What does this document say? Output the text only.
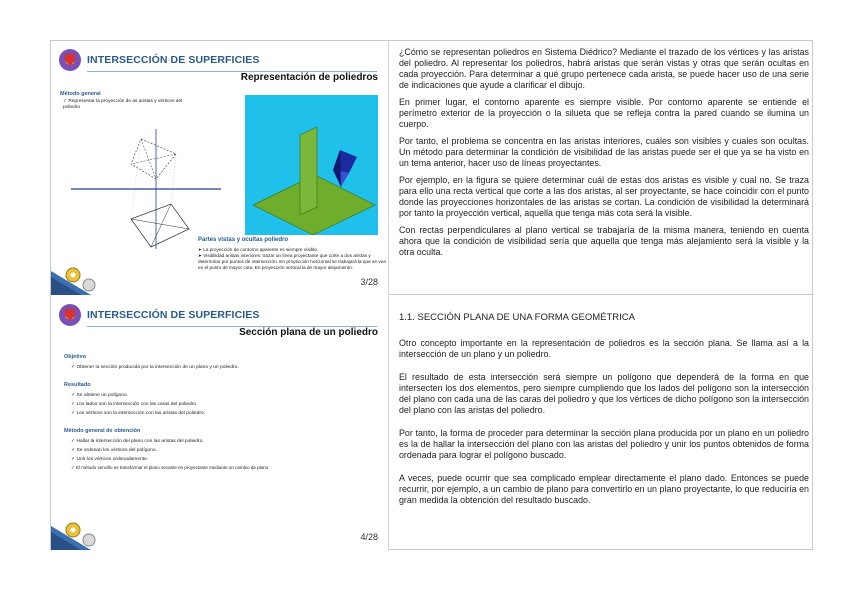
INTERSECCIÓN DE SUPERFICIES
Representación de poliedros
Método general
✓ Representar la proyección de as aristas y vértices del poliedro
Partes vistas y ocultas poliedro
➤ La proyección de contorno aparente es siempre visible.
➤ Visibilidad aristas interiores: trazar un línea proyectante que corte a dos aristas y determinar por puntos de intersección. En proyección horizontal se trabajará la que se vea en el punto de mayor cota. En proyección vertical la de mayor alejamiento.
3/28

¿Cómo se representan poliedros en Sistema Diédrico? Mediante el trazado de los vértices y las aristas del poliedro. Al representar los poliedros, habrá aristas que serán vistas y otras que serán ocultas en cada proyección. Para determinar a qué grupo pertenece cada arista, se puede hacer uso de una serie de indicaciones que ayude a clarificar el dibujo.

En primer lugar, el contorno aparente es siempre visible. Por contorno aparente se entiende el perímetro exterior de la proyección o la silueta que se refleja contra la pared cuando se ilumina un cuerpo.

Por tanto, el problema se concentra en las aristas interiores, cuáles son visibles y cuales son ocultas. Un método para determinar la condición de visibilidad de las aristas puede ser el que ya se ha visto en un tema anterior, hacer uso de líneas proyectantes.

Por ejemplo, en la figura se quiere determinar cuál de estas dos aristas es visible y cual no. Se traza para ello una recta vertical que corte a las dos aristas, al ser proyectante, se hace coincidir con el punto donde las proyecciones horizontales de las aristas se cortan. La condición de visibilidad la determinará por tanto la proyección vertical, aquella que tenga más cota será la visible.

Con rectas perpendiculares al plano vertical se trabajaría de la misma manera, teniendo en cuenta ahora que la condición de visibilidad sería que aquella que tenga más alejamiento será la visible y la otra oculta.

INTERSECCIÓN DE SUPERFICIES
Sección plana de un poliedro
Objetivo
✓ Obtener la sección producida por la intersección de un plano y un poliedro.
Resultado
✓ Se obtiene un polígono.
✓ Los lados son la intersección con las caras del poliedro.
✓ Los vértices son la intersección con las aristas del poliedro.
Método general de obtención
✓ Hallar la intersección del plano con las aristas del poliedro.
✓ Se ordenan los vértices del polígono.
✓ Unir los vértices ordenadamente.
✓ El método sencillo es transformar el plano secante en proyectante mediante un cambio de plano
4/28
1.1. SECCIÓN PLANA DE UNA FORMA GEOMÉTRICA

Otro concepto importante en la representación de poliedros es la sección plana. Se llama así a la intersección de un plano y un poliedro.

El resultado de esta intersección será siempre un polígono que dependerá de la forma en que intersecten los dos elementos, pero siempre cumpliendo que los lados del polígono son la intersección del plano con cada una de las caras del poliedro y que los vértices de dicho polígono son la intersección del plano con las aristas del poliedro.

Por tanto, la forma de proceder para determinar la sección plana producida por un plano en un poliedro es la de hallar la intersección del plano con las aristas del poliedro y unir los puntos obtenidos de forma ordenada para lograr el polígono buscado.

A veces, puede ocurrir que sea complicado emplear directamente el plano dado. Entonces se puede recurrir, por ejemplo, a un cambio de plano para convertirlo en un plano proyectante, lo que reduciría en gran medida la obtención del resultado buscado.
